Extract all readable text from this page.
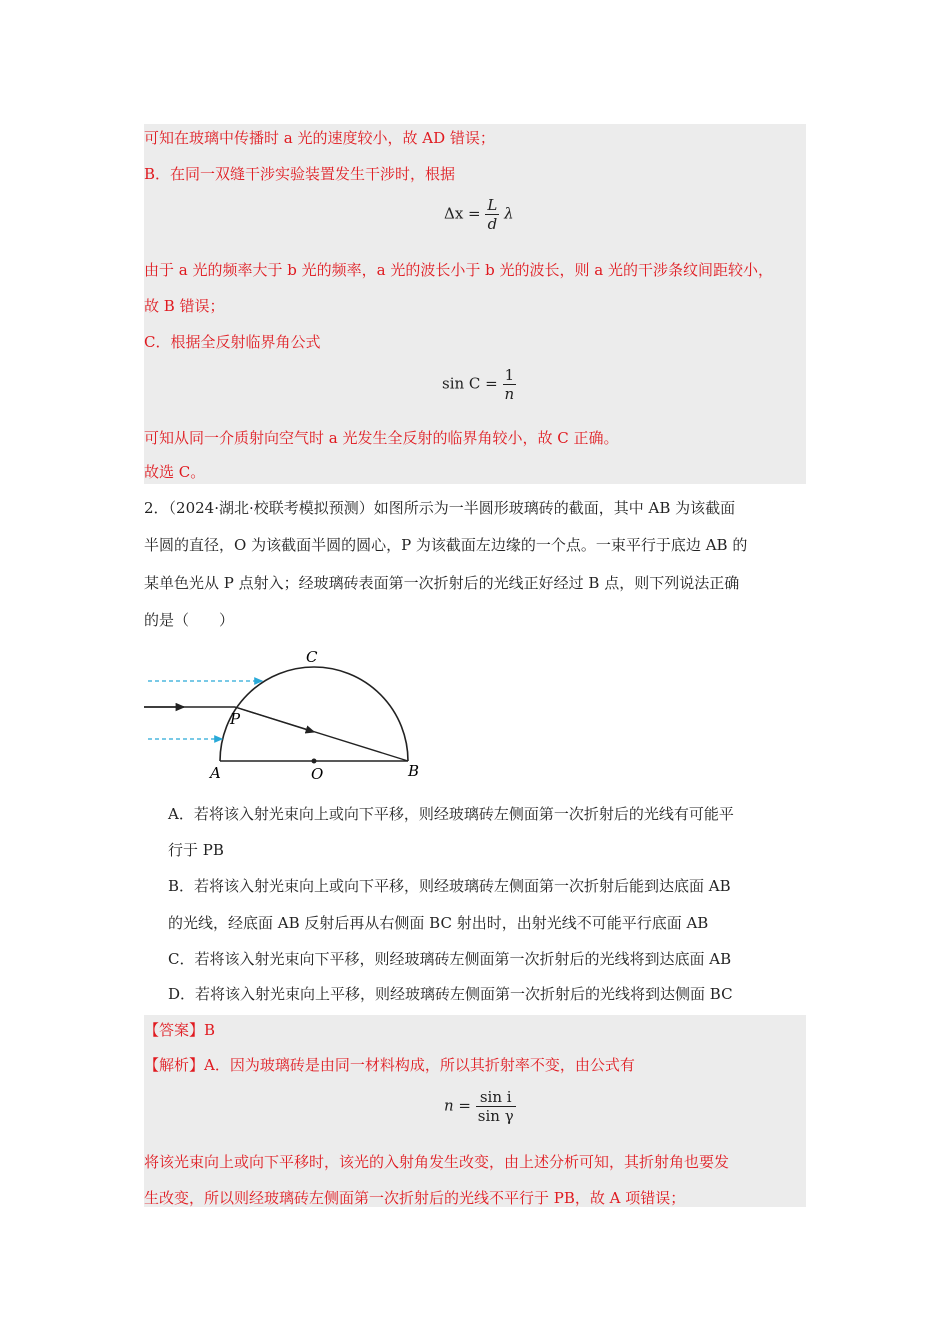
可知在玻璃中传播时 a 光的速度较小，故 AD 错误；
B．在同一双缝干涉实验装置发生干涉时，根据
$\Delta x = \frac{L}{d}$ λ
由于 a 光的频率大于 b 光的频率，a 光的波长小于 b 光的波长，则 a 光的干涉条纹间距较小，
故 B 错误；
C．根据全反射临界角公式
$\sin C = \frac{1}{n}$
可知从同一介质射向空气时 a 光发生全反射的临界角较小，故 C 正确。
故选 C。
2．（2024·湖北·校联考模拟预测）如图所示为一半圆形玻璃砖的截面，其中 AB 为该截面
半圆的直径，O 为该截面半圆的圆心，P 为该截面左边缘的一个点。一束平行于底边 AB 的
某单色光从 P 点射入；经玻璃砖表面第一次折射后的光线正好经过 B 点，则下列说法正确
的是（　　）
A	B
C
O
P
A．若将该入射光束向上或向下平移，则经玻璃砖左侧面第一次折射后的光线有可能平
行于 PB
B．若将该入射光束向上或向下平移，则经玻璃砖左侧面第一次折射后能到达底面 AB
的光线，经底面 AB 反射后再从右侧面 BC 射出时，出射光线不可能平行底面 AB
C．若将该入射光束向下平移，则经玻璃砖左侧面第一次折射后的光线将到达底面 AB
D．若将该入射光束向上平移，则经玻璃砖左侧面第一次折射后的光线将到达侧面 BC
【答案】B
【解析】A．因为玻璃砖是由同一材料构成，所以其折射率不变，由公式有
$n = \frac{\text{sin i}}{\text{sin γ}}$
将该光束向上或向下平移时，该光的入射角发生改变，由上述分析可知，其折射角也要发
生改变，所以则经玻璃砖左侧面第一次折射后的光线不平行于 PB，故 A 项错误；
